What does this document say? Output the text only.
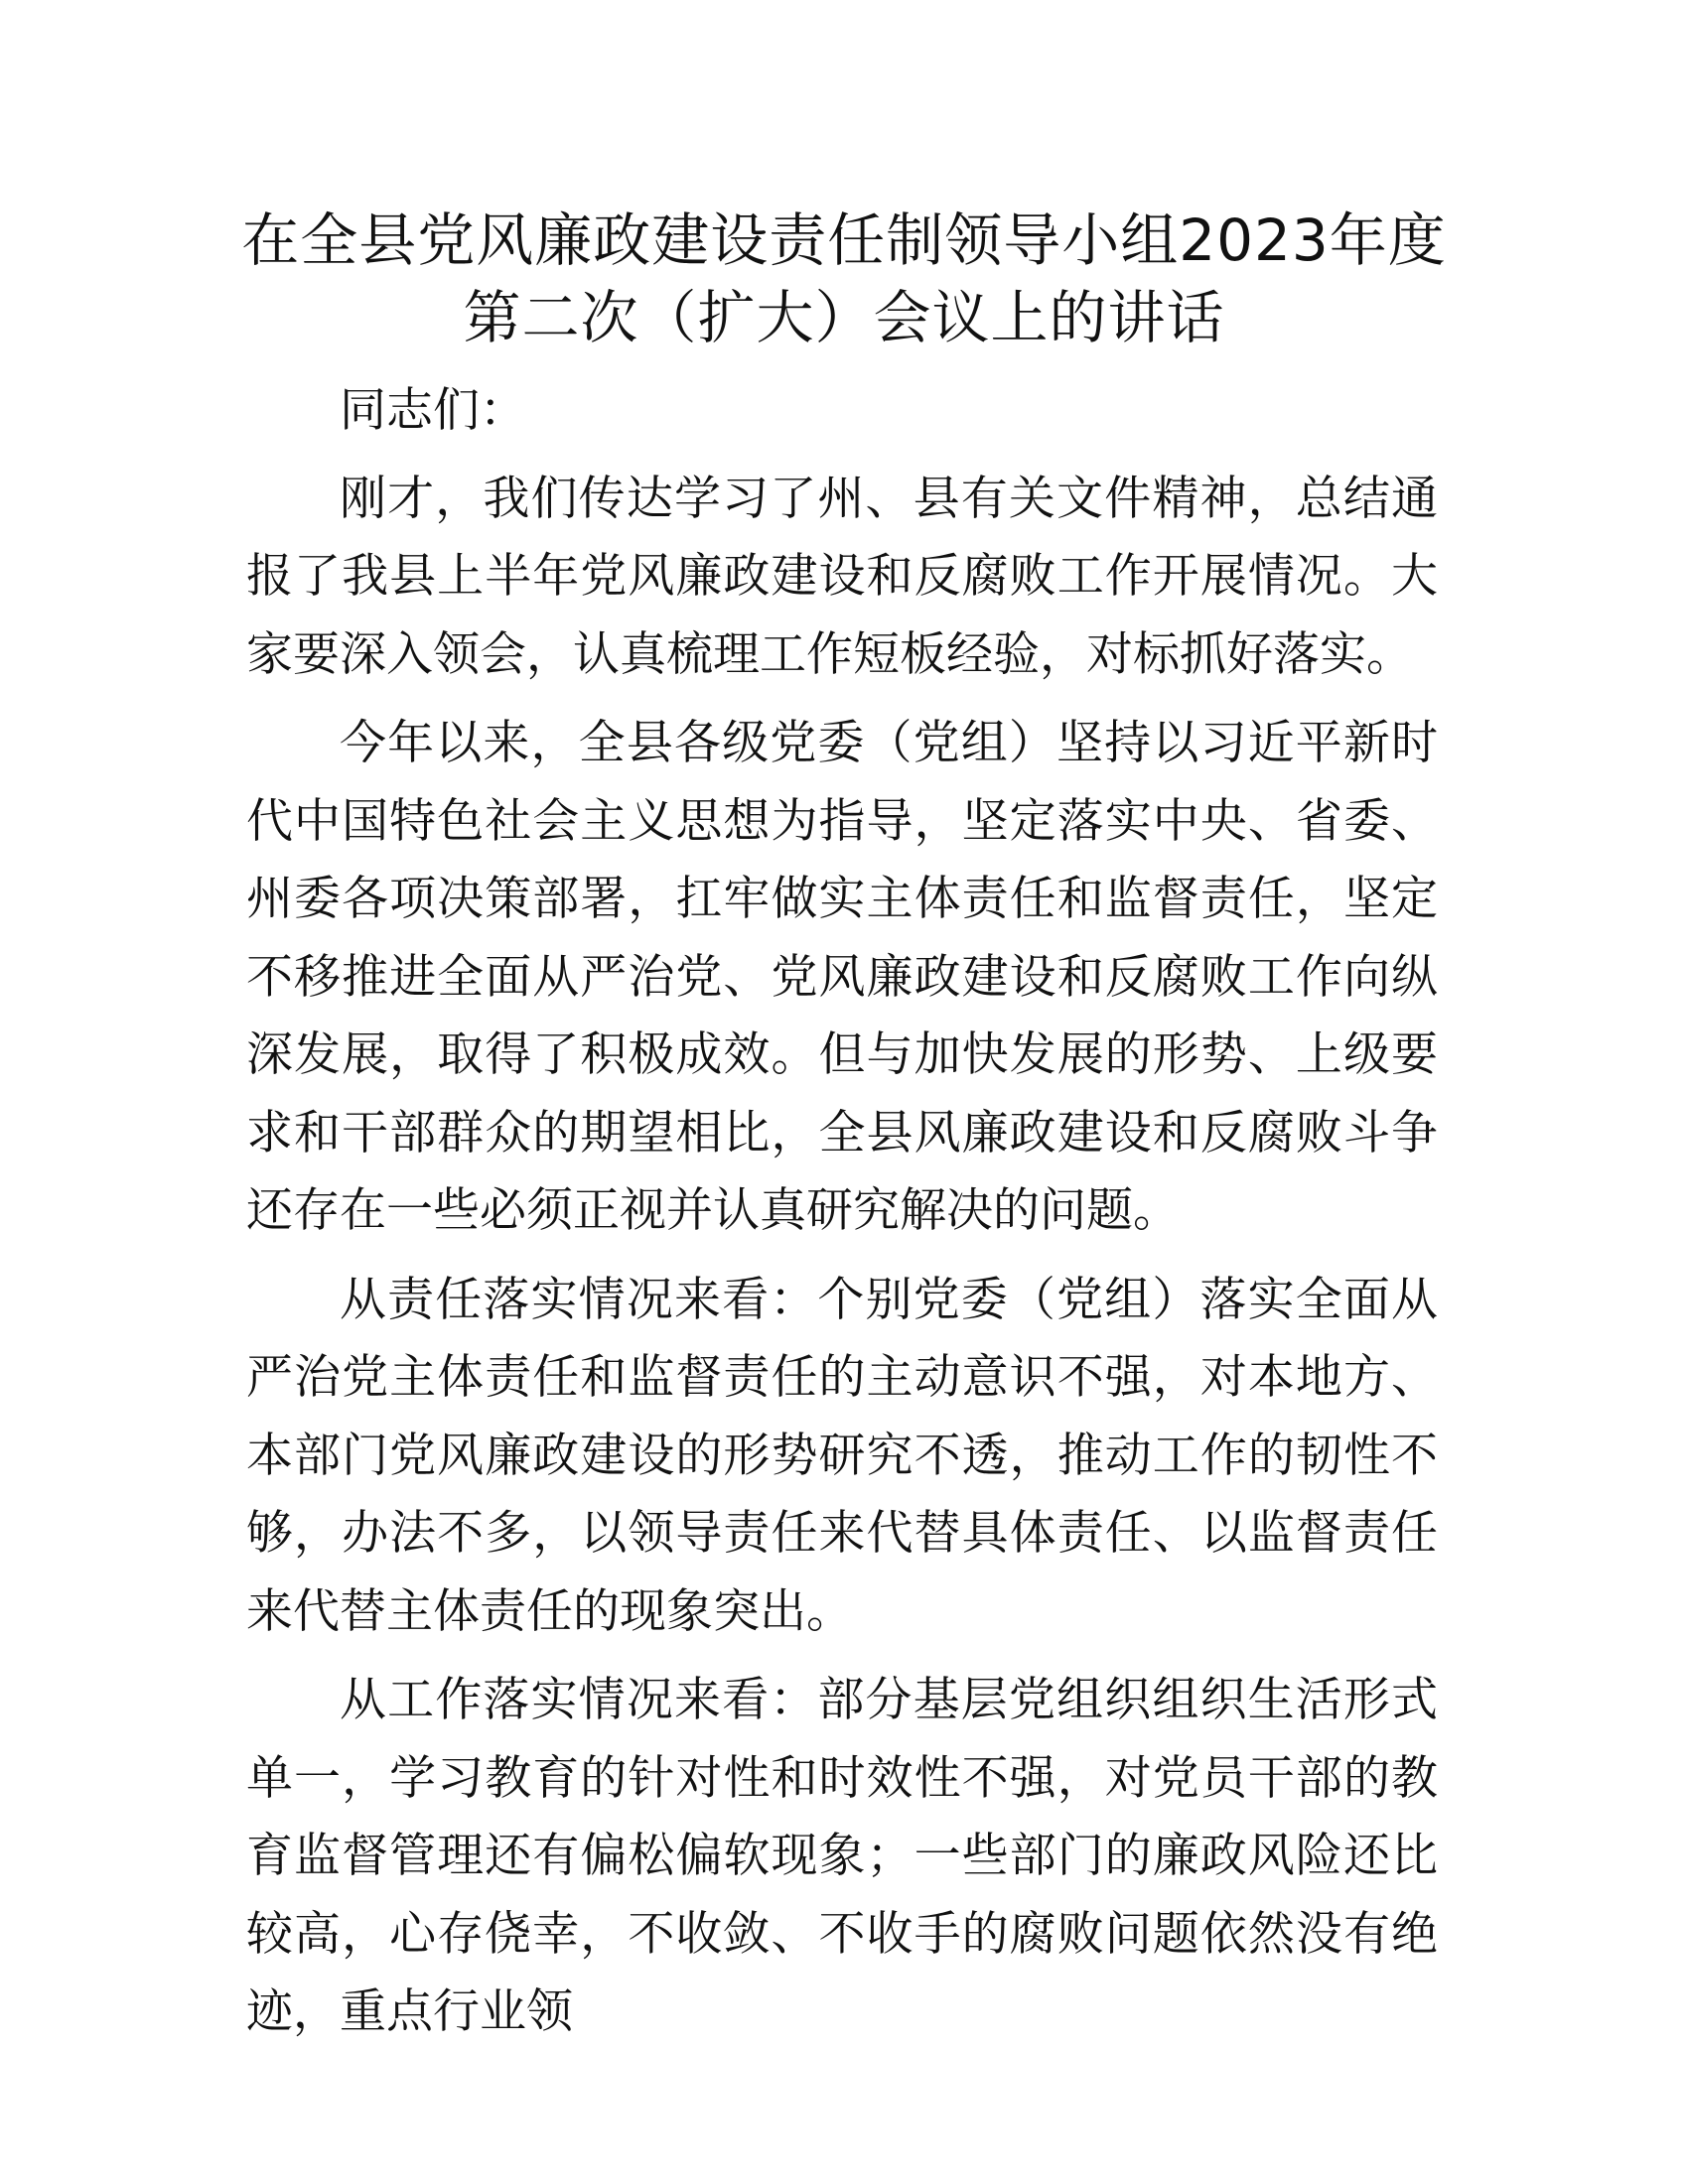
在全县党风廉政建设责任制领导小组2023年度
第二次（扩大）会议上的讲话

同志们：

刚才，我们传达学习了州、县有关文件精神，总结通报了我县上半年党风廉政建设和反腐败工作开展情况。大家要深入领会，认真梳理工作短板经验，对标抓好落实。

今年以来，全县各级党委（党组）坚持以习近平新时代中国特色社会主义思想为指导，坚定落实中央、省委、州委各项决策部署，扛牢做实主体责任和监督责任，坚定不移推进全面从严治党、党风廉政建设和反腐败工作向纵深发展，取得了积极成效。但与加快发展的形势、上级要求和干部群众的期望相比，全县风廉政建设和反腐败斗争还存在一些必须正视并认真研究解决的问题。

从责任落实情况来看：个别党委（党组）落实全面从严治党主体责任和监督责任的主动意识不强，对本地方、本部门党风廉政建设的形势研究不透，推动工作的韧性不够，办法不多，以领导责任来代替具体责任、以监督责任来代替主体责任的现象突出。

从工作落实情况来看：部分基层党组织组织生活形式单一，学习教育的针对性和时效性不强，对党员干部的教育监督管理还有偏松偏软现象；一些部门的廉政风险还比较高，心存侥幸，不收敛、不收手的腐败问题依然没有绝迹，重点行业领
